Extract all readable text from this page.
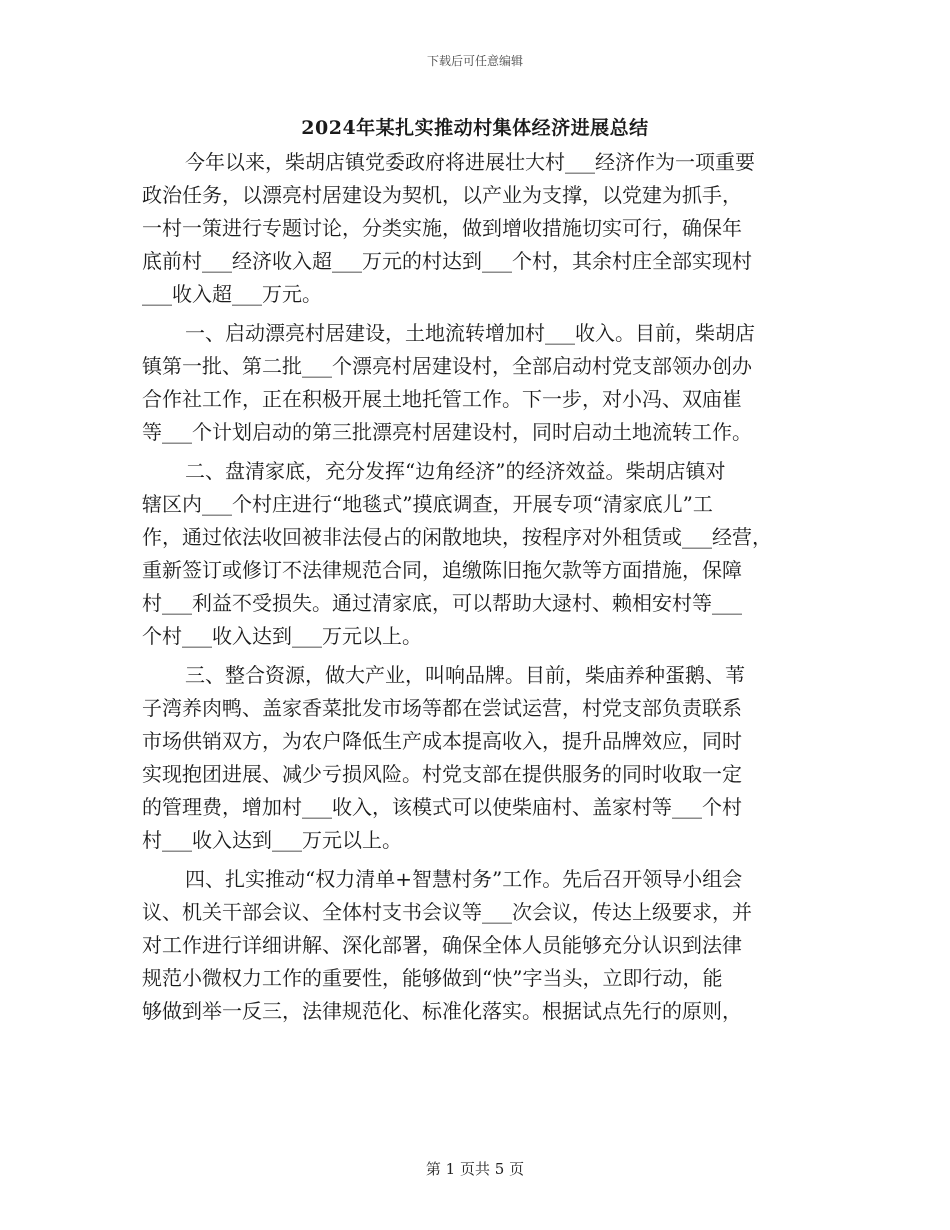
下载后可任意编辑
2024年某扎实推动村集体经济进展总结
今年以来，柴胡店镇党委政府将进展壮大村___经济作为一项重要
政治任务，以漂亮村居建设为契机，以产业为支撑，以党建为抓手，
一村一策进行专题讨论，分类实施，做到增收措施切实可行，确保年
底前村___经济收入超___万元的村达到___个村，其余村庄全部实现村
___收入超___万元。
一、启动漂亮村居建设，土地流转增加村___收入。目前，柴胡店
镇第一批、第二批___个漂亮村居建设村，全部启动村党支部领办创办
合作社工作，正在积极开展土地托管工作。下一步，对小冯、双庙崔
等___个计划启动的第三批漂亮村居建设村，同时启动土地流转工作。
二、盘清家底，充分发挥“边角经济”的经济效益。柴胡店镇对
辖区内___个村庄进行“地毯式”摸底调查，开展专项“清家底儿”工
作，通过依法收回被非法侵占的闲散地块，按程序对外租赁或___经营，
重新签订或修订不法律规范合同，追缴陈旧拖欠款等方面措施，保障
村___利益不受损失。通过清家底，可以帮助大逯村、赖相安村等___
个村___收入达到___万元以上。
三、整合资源，做大产业，叫响品牌。目前，柴庙养种蛋鹅、苇
子湾养肉鸭、盖家香菜批发市场等都在尝试运营，村党支部负责联系
市场供销双方，为农户降低生产成本提高收入，提升品牌效应，同时
实现抱团进展、减少亏损风险。村党支部在提供服务的同时收取一定
的管理费，增加村___收入，该模式可以使柴庙村、盖家村等___个村
村___收入达到___万元以上。
四、扎实推动“权力清单+智慧村务”工作。先后召开领导小组会
议、机关干部会议、全体村支书会议等___次会议，传达上级要求，并
对工作进行详细讲解、深化部署，确保全体人员能够充分认识到法律
规范小微权力工作的重要性，能够做到“快”字当头，立即行动，能
够做到举一反三，法律规范化、标准化落实。根据试点先行的原则，
第 1 页共 5 页
